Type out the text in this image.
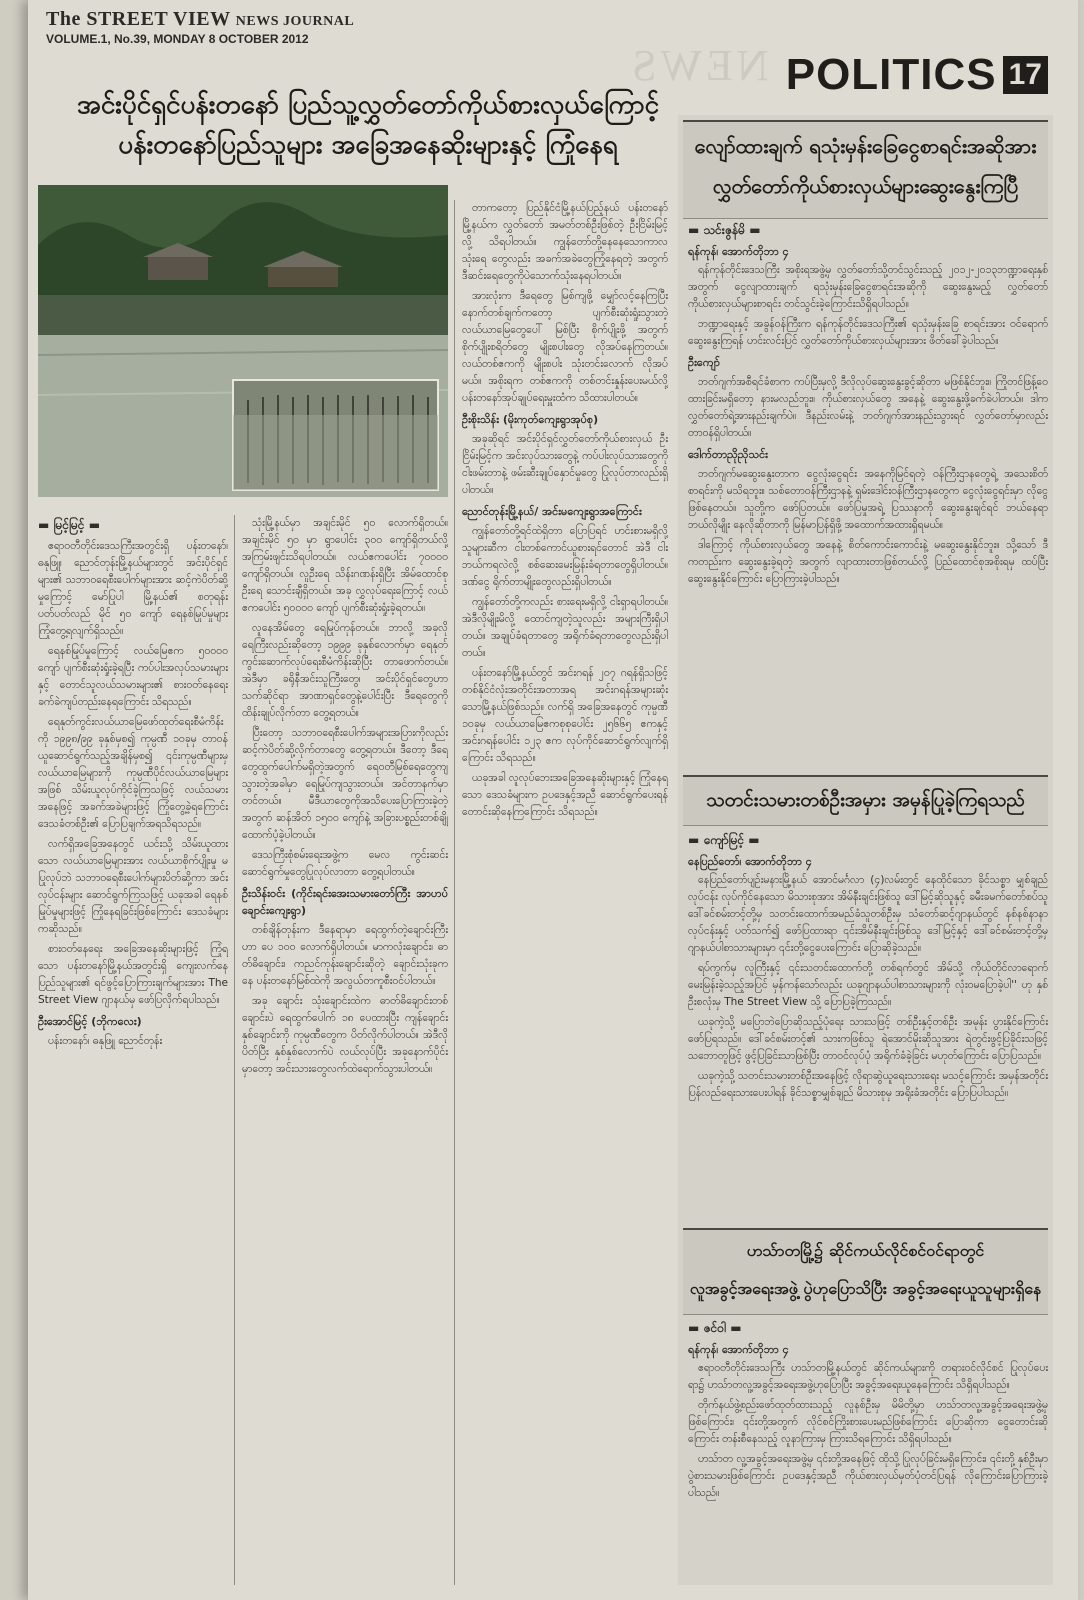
The STREET VIEW NEWS JOURNAL
VOLUME.1, No.39, MONDAY 8 OCTOBER 2012
NEWS POLITICS 17
အင်းပိုင်ရှင်ပန်းတနော် ပြည်သူ့လွှတ်တော်ကိုယ်စားလှယ်ကြောင့်
ပန်းတနော်ပြည်သူများ အခြေအနေဆိုးများနှင့် ကြုံနေရ
▬ မြင့်မြင့် ▬

ဧရာဝတီတိုင်းဒေသကြီးအတွင်းရှိ ပန်းတနော်၊ ဓနုဖြူ၊ ညောင်တုန်းမြို့နယ်များတွင် အင်းပိုင်ရှင်များ၏ သဘာဝရေစီးပေါက်များအား ဆင့်ကဲပိတ်ဆို့မှုကြောင့် မော်ပြုပါ မြို့နယ်၏ စတုရန်းပတ်ပတ်လည် မိုင် ၅၀ ကျော် ရေနစ်မြုပ်မှုများ ကြုံတွေ့ရလျက်ရှိသည်။

ရေနစ်မြုပ်မှုကြောင့် လယ်မြေဧက ၅၀၀၀၀ ကျော် ပျက်စီးဆုံးရှုံးခဲ့ရပြီး ကပ်ပါးအလုပ်သမားများနှင့် တောင်သူလယ်သမားများ၏ စားဝတ်နေရေး ခက်ခဲကျပ်တည်းနေရကြောင်း သိရသည်။

ရေနုတ်ကွင်းလယ်ယာမြေဖော်ထုတ်ရေးစီမံကိန်းကို ၁၉၉၈/၉၉ ခုနှစ်မှစ၍ ကုမ္ပဏီ ၁၀ခုမှ တာဝန်ယူဆောင်ရွက်သည့်အချိန်မှစ၍ ၎င်းကုမ္ပဏီများမှ လယ်ယာမြေများကို ကုမ္ပဏီပိုင်လယ်ယာမြေများအဖြစ် သိမ်းယူလုပ်ကိုင်ခဲ့ကြသဖြင့် လယ်သမားအနေဖြင့် အခက်အခဲများဖြင့် ကြုံတွေ့ခဲ့ရကြောင်း ဒေသခံတစ်ဦး၏ ပြောပြချက်အရသိရသည်။

လက်ရှိအခြေအနေတွင် ယင်းသို့ သိမ်းယူထားသော လယ်ယာမြေများအား လယ်ယာစိုက်ပျိုးမှု မပြုလုပ်ဘဲ သဘာဝရေစီးပေါက်များပိတ်ဆို့ကာ အင်းလုပ်ငန်းများ ဆောင်ရွက်ကြသဖြင့် ယခုအခါ ရေနစ်မြုပ်မှုများဖြင့် ကြုံနေရခြင်းဖြစ်ကြောင်း ဒေသခံများကဆိုသည်။

စားဝတ်နေရေး အခြေအနေဆိုးများဖြင့် ကြုံရသော ပန်းတနော်မြို့နယ်အတွင်းရှိ ကျေးလက်နေ ပြည်သူများ၏ ရင်ဖွင့်ပြောကြားချက်များအား The Street View ဂျာနယ်မှ ဖော်ပြလိုက်ရပါသည်။

ဦးအောင်မြင့် (ဘိုကလေး)

ပန်းတနော်၊ ဓနုဖြူ ညောင်တုန်း

သုံးမြို့နယ်မှာ အချင်းမိုင် ၅၀ လောက်ရှိတယ်။ အချင်းမိုင် ၅၀ မှာ ရွာပေါင်း ၃၀၀ ကျော်ရှိတယ်လို့ အကြမ်းဖျင်းသိရပါတယ်။ လယ်ဧကပေါင်း ၇၀၀၀၀ ကျော်ရှိတယ်။ လူဦးရေ သိန်းဂဏန်းရှိပြီး အိမ်ထောင်စုဦးရေ သောင်းချီရှိတယ်။ အခု လွှလုပ်ရေးကြောင့် လယ်ဧကပေါင်း ၅၀၀၀၀ ကျော် ပျက်စီးဆုံးရှုံးခဲ့ရတယ်။

လူနေအိမ်တွေ ရေမြုပ်ကုန်တယ်။ ဘာလို့ အခုလို ရေကြီးလည်းဆိုတော့ ၁၉၉၉ ခုနှစ်လောက်မှာ ရေနုတ်ကွင်းဆောက်လုပ်ရေးစီမံကိန်းဆိုပြီး တာဖောက်တယ်။ အဲဒီမှာ ခရိုနီအင်းသူကြီးတွေ၊ အင်းပိုင်ရှင်တွေဟာ သက်ဆိုင်ရာ အာဏာရှင်တွေနဲ့ပေါင်းပြီး ဒီရေတွေကို ထိန်းချုပ်လိုက်တာ တွေ့ရတယ်။

ပြီးတော့ သဘာဝရေစီးပေါက်အများအပြားကိုလည်း ဆင့်ကဲပိတ်ဆို့လိုက်တာတွေ တွေ့ရတယ်။ ဒီတော့ ဒီရေတွေထွက်ပေါက်မရှိတဲ့အတွက် ရေဝတီမြစ်ရေတွေကျသွားတဲ့အခါမှာ ရေမြုပ်ကျသွားတယ်။ အင်တာနက်မှာတင်တယ်။ မီဒီယာတွေကိုအသိပေးပြောကြားခဲ့တဲ့အတွက် ဆန်အိတ် ၁၅၀၀ ကျော်နဲ့ အခြားပစ္စည်းတစ်ချို့ ထောက်ပံ့ခဲ့ပါတယ်။

ဒေသကြီးစုံစမ်းရေးအဖွဲ့က မေလ ကွင်းဆင်းဆောင်ရွက်မှုတွေပြုလုပ်လာတာ တွေ့ရပါတယ်။

ဦးသိန်းဝင်း (ကိုင်းရင်းအေးသမားတော်ကြီး အာဟပ်ချောင်းကျေးရွာ)

တစ်ချိန်တုန်းက ဒီနေရာမှာ ရေထွက်တဲ့ချောင်းကြီးဟာ ပေ ၁၀၀ လောက်ရှိပါတယ်။ မာကလုံးချောင်း၊ ဓာတ်ဓိချောင်း၊ ကညင်ကုန်းချောင်းဆိုတဲ့ ချောင်းသုံးခုကနေ ပန်းတနော်မြစ်ထဲကို အလွယ်တကူစီးဝင်ပါတယ်။

အခု ချောင်း သုံးချောင်းထဲက ဓာတ်ဓိချောင်းတစ်ချောင်းပဲ ရေထွက်ပေါက် ၁၈ ပေထားပြီး ကျန်ချောင်းနှစ်ချောင်းကို ကုမ္ပဏီတွေက ပိတ်လိုက်ပါတယ်။ အဲဒီလိုပိတ်ပြီး နှစ်နှစ်လောက်ပဲ လယ်လုပ်ပြီး အခုနောက်ပိုင်းမှာတော့ အင်းသားတွေလက်ထဲရောက်သွားပါတယ်။

တာကတော့ ပြည်နိုင်ငံမြို့နယ်ပြည့်နယ် ပန်းတနော်မြို့နယ်က လွှတ်တော် အမတ်တစ်ဦးဖြစ်တဲ့ ဦးငြိမ်းမြင့်လို့ သိရပါတယ်။ ကျွန်တော်တို့နေနေသောကာလ သုံးရေ တွေလည်း အခက်အခဲတွေကြုံနေရတဲ့ အတွက် ဒီဆင်းရေတွေကိုပဲသောက်သုံးနေရပါတယ်။

အားလုံးက ဒီရေတွေ မြစ်ကျဖို့ မျှော်လင့်နေကြပြီး နောက်တစ်ချက်ကတော့ ပျက်စီးဆုံးရှုံးသွားတဲ့ လယ်ယာမြေတွေပေါ် မြစ်ပြီး စိုက်ပျိုးဖို့ အတွက် စိုက်ပျိုးစရိတ်တွေ မျိုးစပါးတွေ လိုအပ်နေကြတယ်။ လယ်တစ်ဧကကို မျိုးစပါး သုံးတင်းလောက် လိုအပ်မယ်။ အစိုးရက တစ်ဧကကို တစ်တင်းနှုန်းပေးမယ်လို့ ပန်းတနော်အုပ်ချုပ်ရေးမှူးထံက သိထားပါတယ်။

ဦးစိုးသိန်း (မိုးကုတ်ကျေးရွာအုပ်စု)

အခုဆိုရင် အင်းပိုင်ရှင်လွှတ်တော်ကိုယ်စားလှယ် ဦးငြိမ်းမြင့်က အင်းလုပ်သားတွေနဲ့ ကပ်ပါးလုပ်သားတွေကို ငါးဖမ်းတာနဲ့ ဖမ်းဆီးချုပ်နှောင်မှုတွေ ပြုလုပ်တာလည်းရှိပါတယ်။

ညောင်တုန်းမြို့နယ်/ အင်းမကျေးရွာအကြောင်း

ကျွန်တော်တို့ရင်ထဲရှိတာ ပြောပြရင် ဟင်းစားမရှိလို့ သူများဆီက ငါးတစ်ကောင်ယူစားရင်တောင် အဲဒီ ငါးဘယ်ကရလဲလို့ စစ်ဆေးမေးမြန်းခံရတာတွေရှိပါတယ်။ ဒဏ်ငွေ ရိုက်တာမျိုးတွေလည်းရှိပါတယ်။

ကျွန်တော်တို့ကလည်း စားရေးမရှိလို့ ငါးရှာရပါတယ်။ အဲဒီလိုမျိုးမိလို့ ထောင်ကျတဲ့သူလည်း အများကြီးရှိပါတယ်။ အချုပ်ခံရတာတွေ အရိုက်ခံရတာတွေလည်းရှိပါတယ်။

ပန်းတနော်မြို့နယ်တွင် အင်းဂရန် ၂၀၇ ဂရန်ရှိသဖြင့် တစ်နိုင်ငံလုံးအတိုင်းအတာအရ အင်းဂရန်အများဆုံးသောမြို့နယ်ဖြစ်သည်။ လက်ရှိ အခြေအနေတွင် ကုမ္ပဏီ ၁၀ခုမှ လယ်ယာမြေဧကစုစုပေါင်း ၂၅၆၆၅ ဧကနှင့် အင်းဂရန်ပေါင်း ၁၂၃ ဧက လုပ်ကိုင်ဆောင်ရွက်လျက်ရှိကြောင်း သိရသည်။

ယခုအခါ လူလုပ်ဘေးအခြေအနေဆိုးများနှင့် ကြုံနေရသော ဒေသခံများက ဥပဒေနှင့်အညီ ဆောင်ရွက်ပေးရန် တောင်းဆိုနေကြကြောင်း သိရသည်။

လျော်ထားချက် ရသုံးမှန်းခြေငွေစာရင်းအဆိုအား
လွှတ်တော်ကိုယ်စားလှယ်များဆွေးနွေးကြပြီ
▬ သင်းဇွန်မိ ▬
ရန်ကုန်၊ အောက်တိုဘာ ၄

ရန်ကုန်တိုင်းဒေသကြီး အစိုးရအဖွဲ့မှ လွှတ်တော်သို့တင်သွင်းသည့် ၂၀၁၂-၂၀၁၃ဘဏ္ဍာရေးနှစ်အတွက် ငွေလျာထားချက် ရသုံးမှန်းခြေငွေစာရင်းအဆိုကို ဆွေးနွေးမည့် လွှတ်တော်ကိုယ်စားလှယ်များစာရင်း တင်သွင်းခဲ့ကြောင်းသိရှိရပါသည်။

ဘဏ္ဍာရေးနှင့် အခွန်ဝန်ကြီးက ရန်ကုန်တိုင်းဒေသကြီး၏ ရသုံးမှန်းခြေ စာရင်းအား ဝင်ရောက်ဆွေးနွေးကြရန် ဟင်းလင်းပြင် လွှတ်တော်ကိုယ်စားလှယ်များအား ဖိတ်ခေါ်ခဲ့ပါသည်။

ဦးကျော်

ဘတ်ဂျက်အစီရင်ခံစာက ကပ်ပြီးမှလို့ ဒီလိုလုပ်ဆွေးနွေးခွင့်ဆိုတာ မဖြစ်နိုင်ဘူး။ ကြိုတင်ဖြန့်ဝေထားခြင်းမရှိတော့ နားမလည်ဘူး။ ကိုယ်စားလှယ်တွေ အနေနဲ့ ဆွေးနွေးဖို့ခက်ခဲပါတယ်။ ဒါက လွှတ်တော်ရဲ့အားနည်းချက်ပဲ။ ဒီနည်းလမ်းနဲ့ ဘတ်ဂျက်အားနည်းသွားရင် လွှတ်တော်မှာလည်း တာဝန်ရှိပါတယ်။

ဒေါက်တာညိုညိုသင်း

ဘတ်ဂျက်မဆွေးနွေးတာက ငွေလုံးငွေရင်း အနေကိုမြင်ရတဲ့ ဝန်ကြီးဌာနတွေရဲ့ အသေးစိတ်စာရင်းကို မသိရဘူး။ သစ်တောဝန်ကြီးဌာနနဲ့ ရှမ်းဒေါင်းဝန်ကြီးဌာနတွေက ငွေလုံးငွေရင်းမှာ လိုငွေဖြစ်နေတယ်။ သူတို့က ဖော်ပြတယ်။ ဖော်ပြမှုအရဲ့ ပြဿနာကို ဆွေးနွေးချင်ရင် ဘယ်နေရာ ဘယ်လိုမျိုး နေလိုဆိုတာကို မြန်မာပြန်ရှိဖို့ အထောက်အထားရှိရမယ်။

ဒါကြောင့် ကိုယ်စားလှယ်တွေ အနေနဲ့ စိတ်ကောင်းကောင်းနဲ့ မဆွေးနွေးနိုင်ဘူး။ သို့သော် ဒီကတည်းက ဆွေးနွေးခဲ့ရတဲ့ အတွက် လျာထားတာဖြစ်တယ်လို့ ပြည်ထောင်စုအစိုးရမှ ထပ်ပြီးဆွေးနွေးနိုင်ကြောင်း ပြောကြားခဲ့ပါသည်။

သတင်းသမားတစ်ဦးအမှား အမှန်ပြုခဲ့ကြရသည်
▬ ကျော်မြင့် ▬
နေပြည်တော်၊ အောက်တိုဘာ ၄

နေပြည်တော်ပျဉ်းမနားမြို့နယ် အောင်မင်္ဂလာ (၄)လမ်းတွင် နေထိုင်သော ခိုင်သစ္စာ မျှစ်ချည်လုပ်ငန်း လုပ်ကိုင်နေသော မိသားစုအား အိမ်နီးချင်းဖြစ်သူ ဒေါ်မြင့်ဆိုသူနှင့် ခမီးခမက်တော်စပ်သူ ဒေါ်ခင်စမ်းတင့်တို့မှ သတင်းထောက်အမည်ခံသူတစ်ဦးမှ သံတော်ဆင့်ဂျာနယ်တွင် နစ်နစ်နာနာလုပ်ငန်းနှင့် ပတ်သက်၍ ဖော်ပြထားရာ ၎င်းအိမ်နီးချင်းဖြစ်သူ ဒေါ်မြင့်နှင့် ဒေါ်ခင်စမ်းတင့်တို့မှ ဂျာနယ်ပါစာသားများမှာ ၎င်းတို့ငွေပေးကြောင်း ပြောဆိုခဲ့သည်။

ရပ်ကွက်မှ လူကြီးနှင့် ၎င်းသတင်းထောက်တို့ တစ်ရက်တွင် အိမ်သို့ ကိုယ်တိုင်လာရောက်မေးမြန်းခဲ့သည့်အပြင် မှန်ကန်သော်လည်း ယခုဂျာနယ်ပါစာသားများကို လုံးဝမပြောခဲ့ပါ'' ဟု နှစ်ဦးစလုံးမှ The Street View သို့ ပြောပြခဲ့ကြသည်။

ယခုကဲ့သို့ မပြောဘဲပြောဆိုသည့်ပုံရေး သားသဖြင့် တစ်ဦးနှင့်တစ်ဦး အမုန်း ပွားနိုင်ကြောင်း ဖော်ပြရသည်။ ဒေါ်ခင်စမ်းတင့်၏ သားကဖြစ်သူ ရဲအောင်မိုးဆိုသူအား ရဲတွင်းဖွင့်ပြခိုင်းသဖြင့် သဘောတူဖြင့် ဖွင့်ပြခြင်းသာဖြစ်ပြီး တာဝင်လုပ်ပုံ အရိုက်ခံခဲ့ခြင်း မဟုတ်ကြောင်း ပြောပြသည်။

ယခုကဲ့သို့ သတင်းသမားတစ်ဦးအနေဖြင့် လိုရာဆွဲယူရေးသားရေး မသင့်ကြောင်း အမှန်အတိုင်း ပြန်လည်ရေးသားပေးပါရန် ခိုင်သစ္စာမျှစ်ချည် မိသားစုမှ အရိုးခံအတိုင်း ပြောပြပါသည်။

ဟသ်ာတမြို့၌ ဆိုင်ကယ်လိုင်စင်ဝင်ရာတွင်
လူအခွင့်အရေးအဖွဲ့ ပွဲဟုပြောသိပြီး အခွင့်အရေးယူသူများရှိနေ
▬ ဇင်ဝါ ▬
ရန်ကုန်၊ အောက်တိုဘာ ၄

ဧရာဝတီတိုင်းဒေသကြီး ဟသ်ာတမြို့နယ်တွင် ဆိုင်ကယ်များကို တရားဝင်လိုင်စင် ပြုလုပ်ပေးရာ၌ ဟသ်ာတလူ့အခွင့်အရေးအဖွဲ့ဟုပြောပြီး အခွင့်အရေးယူနေကြောင်း သိရှိရပါသည်။

တိုက်နယ်ဖွဲ့စည်းဖော်ထုတ်ထားသည့် လူနစ်ဦးမှ မိမိတို့မှာ ဟသ်ာတလူ့အခွင့်အရေးအဖွဲ့မှ ဖြစ်ကြောင်း၊ ၎င်းတို့အတွက် လိုင်စင်ကြိုးစားပေးမည်ဖြစ်ကြောင်း ပြောဆိုကာ ငွေတောင်းဆိုကြောင်း တန်းစီနေသည့် လူနာကြားမှ ကြားသိရကြောင်း သိရှိရပါသည်။

ဟသ်ာတ လူ့အခွင့်အရေးအဖွဲ့မှ ၎င်းတို့အနေဖြင့် ထိုသို့ ပြုလုပ်ခြင်းမရှိကြောင်း၊ ၎င်းတို့ နှစ်ဦးမှာ ပွဲစားသမားဖြစ်ကြောင်း ဥပဒေနှင့်အညီ ကိုယ်စားလှယ်မှတ်ပုံတင်ပြရန် လိုကြောင်းပြောကြားခဲ့ပါသည်။
